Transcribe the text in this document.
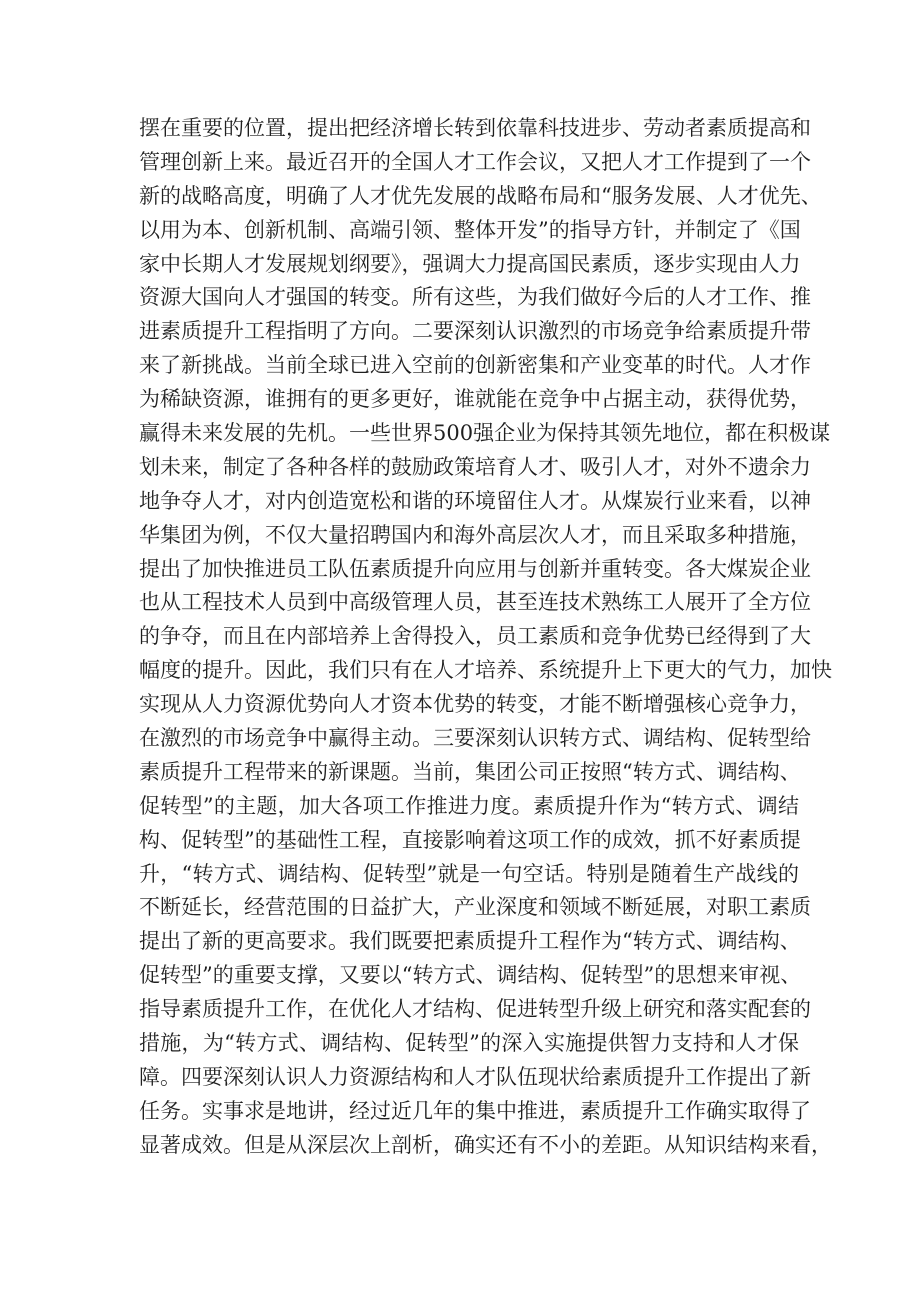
摆在重要的位置，提出把经济增长转到依靠科技进步、劳动者素质提高和
管理创新上来。最近召开的全国人才工作会议，又把人才工作提到了一个
新的战略高度，明确了人才优先发展的战略布局和“服务发展、人才优先、
以用为本、创新机制、高端引领、整体开发”的指导方针，并制定了《国
家中长期人才发展规划纲要》，强调大力提高国民素质，逐步实现由人力
资源大国向人才强国的转变。所有这些，为我们做好今后的人才工作、推
进素质提升工程指明了方向。二要深刻认识激烈的市场竞争给素质提升带
来了新挑战。当前全球已进入空前的创新密集和产业变革的时代。人才作
为稀缺资源，谁拥有的更多更好，谁就能在竞争中占据主动，获得优势，
赢得未来发展的先机。一些世界500强企业为保持其领先地位，都在积极谋
划未来，制定了各种各样的鼓励政策培育人才、吸引人才，对外不遗余力
地争夺人才，对内创造宽松和谐的环境留住人才。从煤炭行业来看，以神
华集团为例，不仅大量招聘国内和海外高层次人才，而且采取多种措施，
提出了加快推进员工队伍素质提升向应用与创新并重转变。各大煤炭企业
也从工程技术人员到中高级管理人员，甚至连技术熟练工人展开了全方位
的争夺，而且在内部培养上舍得投入，员工素质和竞争优势已经得到了大
幅度的提升。因此，我们只有在人才培养、系统提升上下更大的气力，加快
实现从人力资源优势向人才资本优势的转变，才能不断增强核心竞争力，
在激烈的市场竞争中赢得主动。三要深刻认识转方式、调结构、促转型给
素质提升工程带来的新课题。当前，集团公司正按照“转方式、调结构、
促转型”的主题，加大各项工作推进力度。素质提升作为“转方式、调结
构、促转型”的基础性工程，直接影响着这项工作的成效，抓不好素质提
升，“转方式、调结构、促转型”就是一句空话。特别是随着生产战线的
不断延长，经营范围的日益扩大，产业深度和领域不断延展，对职工素质
提出了新的更高要求。我们既要把素质提升工程作为“转方式、调结构、
促转型”的重要支撑，又要以“转方式、调结构、促转型”的思想来审视、
指导素质提升工作，在优化人才结构、促进转型升级上研究和落实配套的
措施，为“转方式、调结构、促转型”的深入实施提供智力支持和人才保
障。四要深刻认识人力资源结构和人才队伍现状给素质提升工作提出了新
任务。实事求是地讲，经过近几年的集中推进，素质提升工作确实取得了
显著成效。但是从深层次上剖析，确实还有不小的差距。从知识结构来看，
